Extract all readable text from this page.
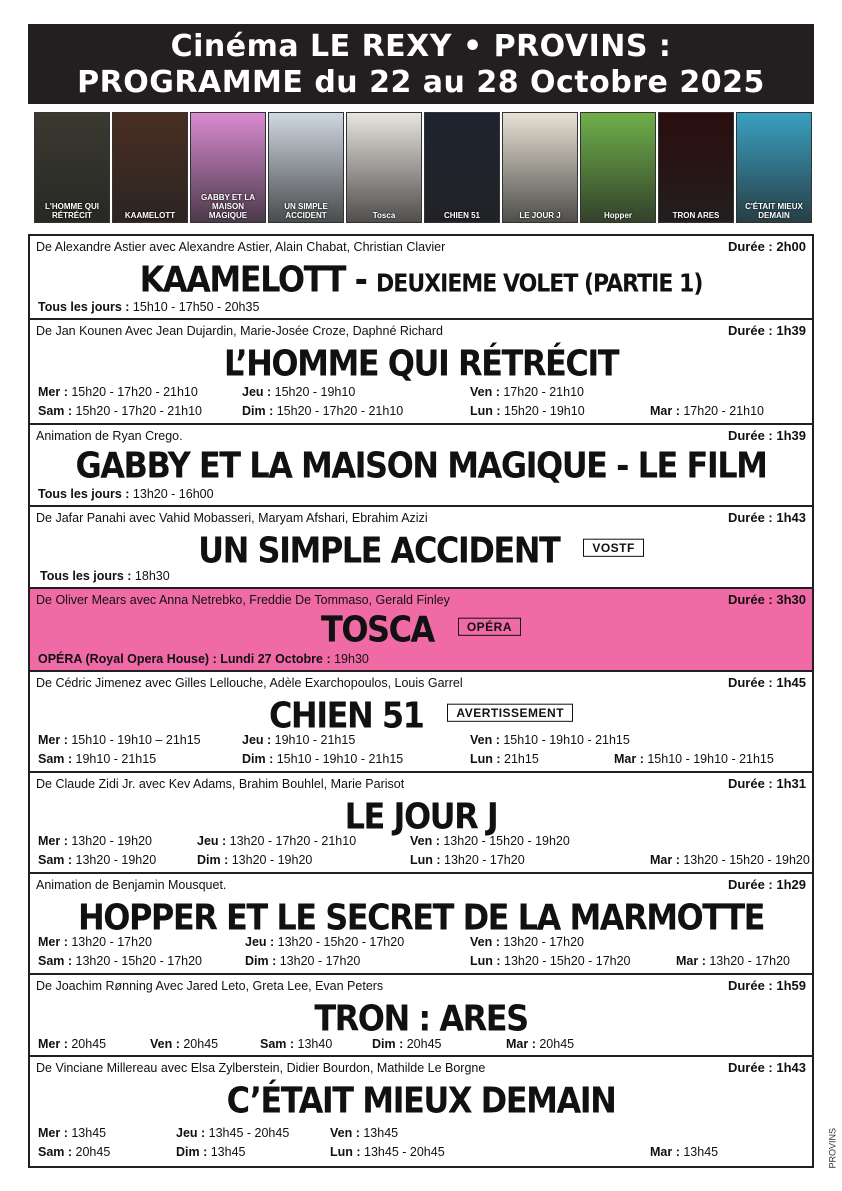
Cinéma LE REXY • PROVINS :
PROGRAMME du 22 au 28 Octobre 2025
L'HOMME QUI RÉTRÉCIT	KAAMELOTT
GABBY ET LA MAISON MAGIQUE
UN SIMPLE ACCIDENT	Tosca	CHIEN 51	LE JOUR J	Hopper	TRON ARES
C'ÉTAIT MIEUX DEMAIN
De Alexandre Astier avec Alexandre Astier, Alain Chabat, Christian Clavier	Durée : 2h00
KAAMELOTT - DEUXIEME VOLET (PARTIE 1)
Tous les jours : 15h10 - 17h50 - 20h35
De Jan Kounen Avec Jean Dujardin, Marie-Josée Croze, Daphné Richard	Durée : 1h39
L’HOMME QUI RÉTRÉCIT
Mer : 15h20 - 17h20 - 21h10	Jeu : 15h20 - 19h10	Ven : 17h20 - 21h10
Sam : 15h20 - 17h20 - 21h10	Dim : 15h20 - 17h20 - 21h10	Lun : 15h20 - 19h10	Mar : 17h20 - 21h10
Animation de Ryan Crego.	Durée : 1h39
GABBY ET LA MAISON MAGIQUE - LE FILM
Tous les jours : 13h20 - 16h00
De Jafar Panahi avec Vahid Mobasseri, Maryam Afshari, Ebrahim Azizi	Durée : 1h43
UN SIMPLE ACCIDENT	VOSTF
Tous les jours : 18h30
De Oliver Mears avec Anna Netrebko, Freddie De Tommaso, Gerald Finley	Durée : 3h30
TOSCA	OPÉRA
OPÉRA (Royal Opera House) : Lundi 27 Octobre : 19h30
De Cédric Jimenez avec Gilles Lellouche, Adèle Exarchopoulos, Louis Garrel	Durée : 1h45
CHIEN 51	AVERTISSEMENT
Mer : 15h10 - 19h10 – 21h15	Jeu : 19h10 - 21h15	Ven : 15h10 - 19h10 - 21h15
Sam : 19h10 - 21h15	Dim : 15h10 - 19h10 - 21h15	Lun : 21h15	Mar : 15h10 - 19h10 - 21h15
De Claude Zidi Jr. avec Kev Adams, Brahim Bouhlel, Marie Parisot	Durée : 1h31
LE JOUR J
Mer : 13h20 - 19h20	Jeu : 13h20 - 17h20 - 21h10	Ven : 13h20 - 15h20 - 19h20
Sam : 13h20 - 19h20	Dim : 13h20 - 19h20	Lun : 13h20 - 17h20	Mar : 13h20 - 15h20 - 19h20
Animation de Benjamin Mousquet.	Durée : 1h29
HOPPER ET LE SECRET DE LA MARMOTTE
Mer : 13h20 - 17h20	Jeu : 13h20 - 15h20 - 17h20	Ven : 13h20 - 17h20
Sam : 13h20 - 15h20 - 17h20	Dim : 13h20 - 17h20	Lun : 13h20 - 15h20 - 17h20	Mar : 13h20 - 17h20
De Joachim Rønning Avec Jared Leto, Greta Lee, Evan Peters	Durée : 1h59
TRON : ARES
Mer : 20h45	Ven : 20h45	Sam : 13h40	Dim : 20h45	Mar : 20h45
De Vinciane Millereau avec Elsa Zylberstein, Didier Bourdon, Mathilde Le Borgne	Durée : 1h43
C’ÉTAIT MIEUX DEMAIN
Mer : 13h45	Jeu : 13h45 - 20h45	Ven : 13h45
Sam : 20h45	Dim : 13h45	Lun : 13h45 - 20h45	Mar : 13h45	PROVINS
